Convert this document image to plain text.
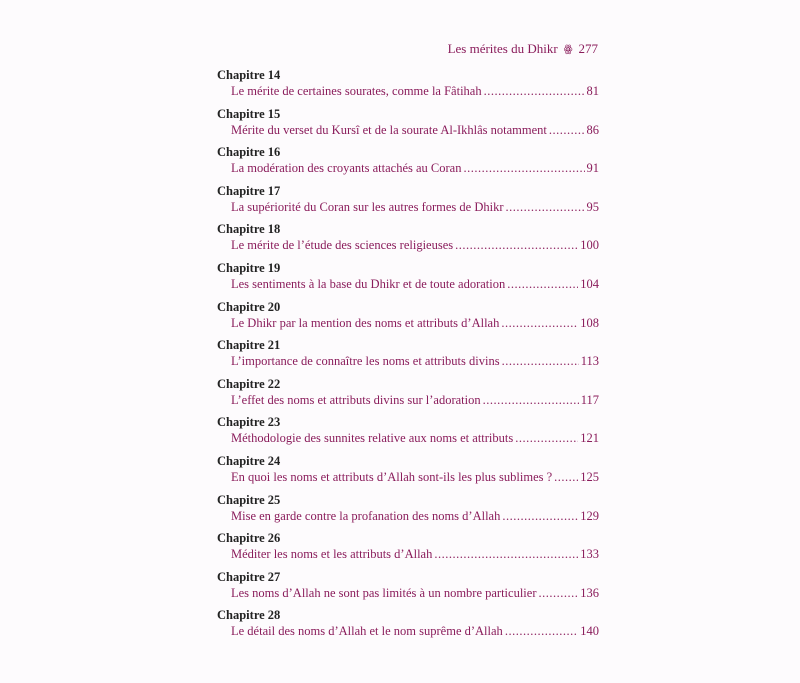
Les mérites du Dhikr ꙮ 277
Chapitre 14
Le mérite de certaines sourates, comme la Fâtihah .....	81
Chapitre 15
Mérite du verset du Kursî et de la sourate Al-Ikhlâs notamment .....	86
Chapitre 16
La modération des croyants attachés au Coran .....	91
Chapitre 17
La supériorité du Coran sur les autres formes de Dhikr .....	95
Chapitre 18
Le mérite de l’étude des sciences religieuses .....	100
Chapitre 19
Les sentiments à la base du Dhikr et de toute adoration .....	104
Chapitre 20
Le Dhikr par la mention des noms et attributs d’Allah .....	108
Chapitre 21
L’importance de connaître les noms et attributs divins .....	113
Chapitre 22
L’effet des noms et attributs divins sur l’adoration .....	117
Chapitre 23
Méthodologie des sunnites relative aux noms et attributs .....	121
Chapitre 24
En quoi les noms et attributs d’Allah sont-ils les plus sublimes ? ..... 125
Chapitre 25
Mise en garde contre la profanation des noms d’Allah .....	129
Chapitre 26
Méditer les noms et les attributs d’Allah .....	133
Chapitre 27
Les noms d’Allah ne sont pas limités à un nombre particulier .....	136
Chapitre 28
Le détail des noms d’Allah et le nom suprême d’Allah .....	140
